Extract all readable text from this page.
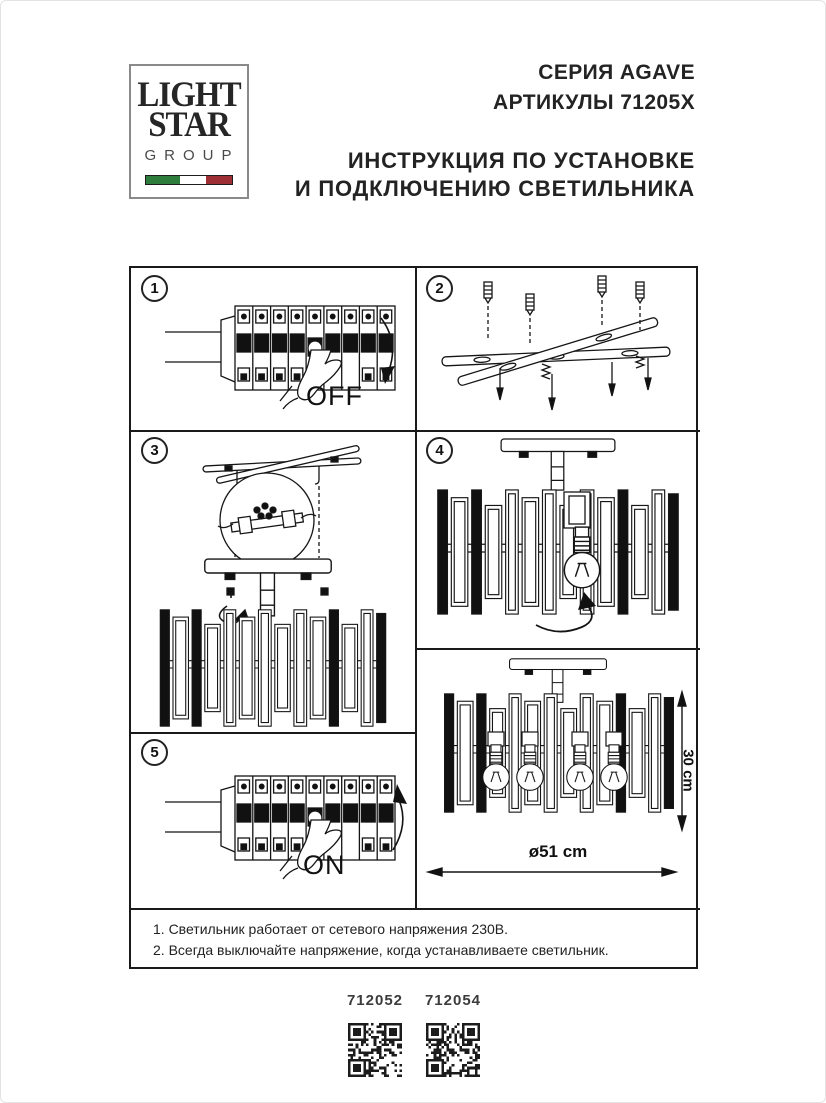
LIGHT
STAR
GROUP
СЕРИЯ AGAVE
АРТИКУЛЫ 71205X
ИНСТРУКЦИЯ ПО УСТАНОВКЕ
И ПОДКЛЮЧЕНИЮ СВЕТИЛЬНИКА
1
OFF
2
3	4
5
ON	ø51 cm
30 cm
1. Светильник работает от сетевого напряжения 230В.
2. Всегда выключайте напряжение, когда устанавливаете светильник.
712052	712054
